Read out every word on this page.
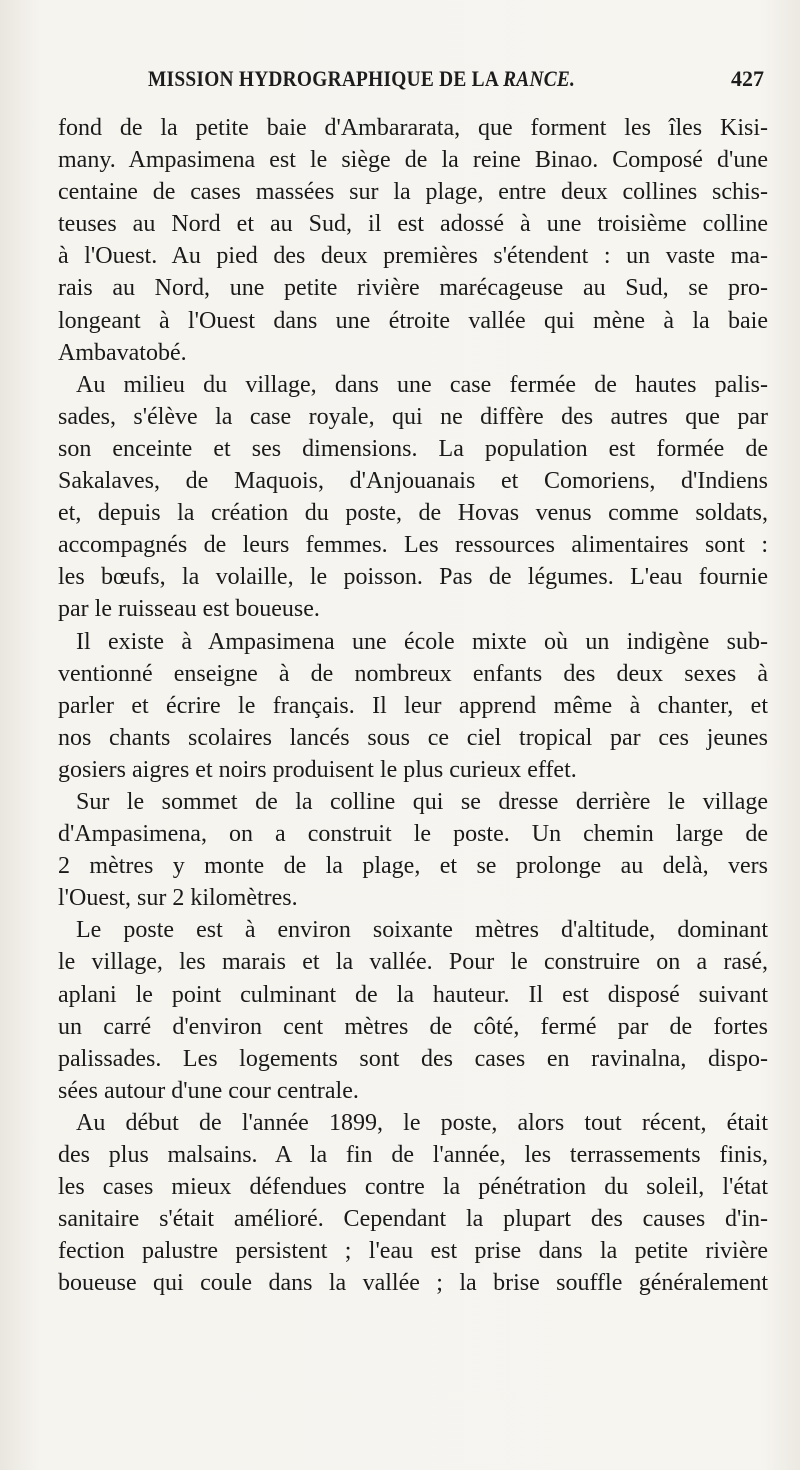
MISSION HYDROGRAPHIQUE DE LA RANCE.	427
fond de la petite baie d'Ambararata, que forment les îles Kisi-
many. Ampasimena est le siège de la reine Binao. Composé d'une
centaine de cases massées sur la plage, entre deux collines schis-
teuses au Nord et au Sud, il est adossé à une troisième colline
à l'Ouest. Au pied des deux premières s'étendent : un vaste ma-
rais au Nord, une petite rivière marécageuse au Sud, se pro-
longeant à l'Ouest dans une étroite vallée qui mène à la baie
Ambavatobé.
Au milieu du village, dans une case fermée de hautes palis-
sades, s'élève la case royale, qui ne diffère des autres que par
son enceinte et ses dimensions. La population est formée de
Sakalaves, de Maquois, d'Anjouanais et Comoriens, d'Indiens
et, depuis la création du poste, de Hovas venus comme soldats,
accompagnés de leurs femmes. Les ressources alimentaires sont :
les bœufs, la volaille, le poisson. Pas de légumes. L'eau fournie
par le ruisseau est boueuse.
Il existe à Ampasimena une école mixte où un indigène sub-
ventionné enseigne à de nombreux enfants des deux sexes à
parler et écrire le français. Il leur apprend même à chanter, et
nos chants scolaires lancés sous ce ciel tropical par ces jeunes
gosiers aigres et noirs produisent le plus curieux effet.
Sur le sommet de la colline qui se dresse derrière le village
d'Ampasimena, on a construit le poste. Un chemin large de
2 mètres y monte de la plage, et se prolonge au delà, vers
l'Ouest, sur 2 kilomètres.
Le poste est à environ soixante mètres d'altitude, dominant
le village, les marais et la vallée. Pour le construire on a rasé,
aplani le point culminant de la hauteur. Il est disposé suivant
un carré d'environ cent mètres de côté, fermé par de fortes
palissades. Les logements sont des cases en ravinalna, dispo-
sées autour d'une cour centrale.
Au début de l'année 1899, le poste, alors tout récent, était
des plus malsains. A la fin de l'année, les terrassements finis,
les cases mieux défendues contre la pénétration du soleil, l'état
sanitaire s'était amélioré. Cependant la plupart des causes d'in-
fection palustre persistent ; l'eau est prise dans la petite rivière
boueuse qui coule dans la vallée ; la brise souffle généralement
